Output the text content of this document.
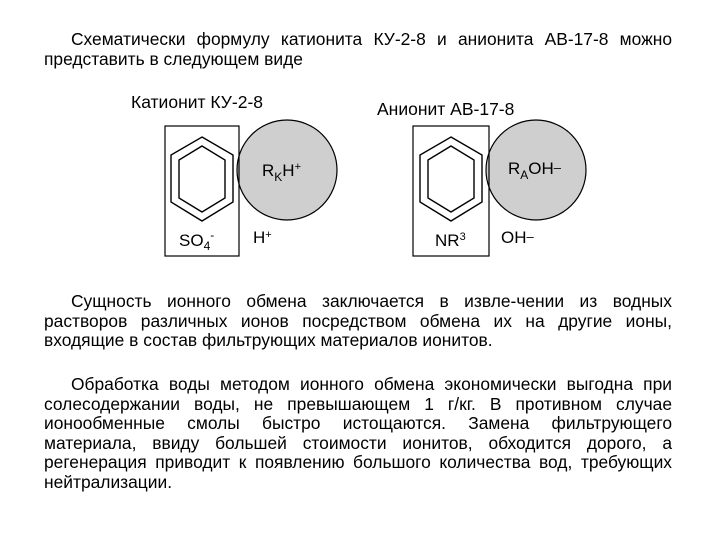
Схематически формулу катионита КУ-2-8 и анионита АВ-17-8 можно представить в следующем виде
Катионит КУ-2-8	Анионит АВ-17-8
$R_KH^+$	$R_AOH-$
$SO_4^-$ H+	$NR^3$ OH–
Сущность ионного обмена заключается в извле-чении из водных растворов различных ионов посредством обмена их на другие ионы, входящие в состав фильтрующих материалов ионитов.
Обработка воды методом ионного обмена экономически выгодна при солесодержании воды, не превышающем 1 г/кг. В противном случае ионообменные смолы быстро истощаются. Замена фильтрующего материала, ввиду большей стоимости ионитов, обходится дорого, а регенерация приводит к появлению большого количества вод, требующих нейтрализации.
